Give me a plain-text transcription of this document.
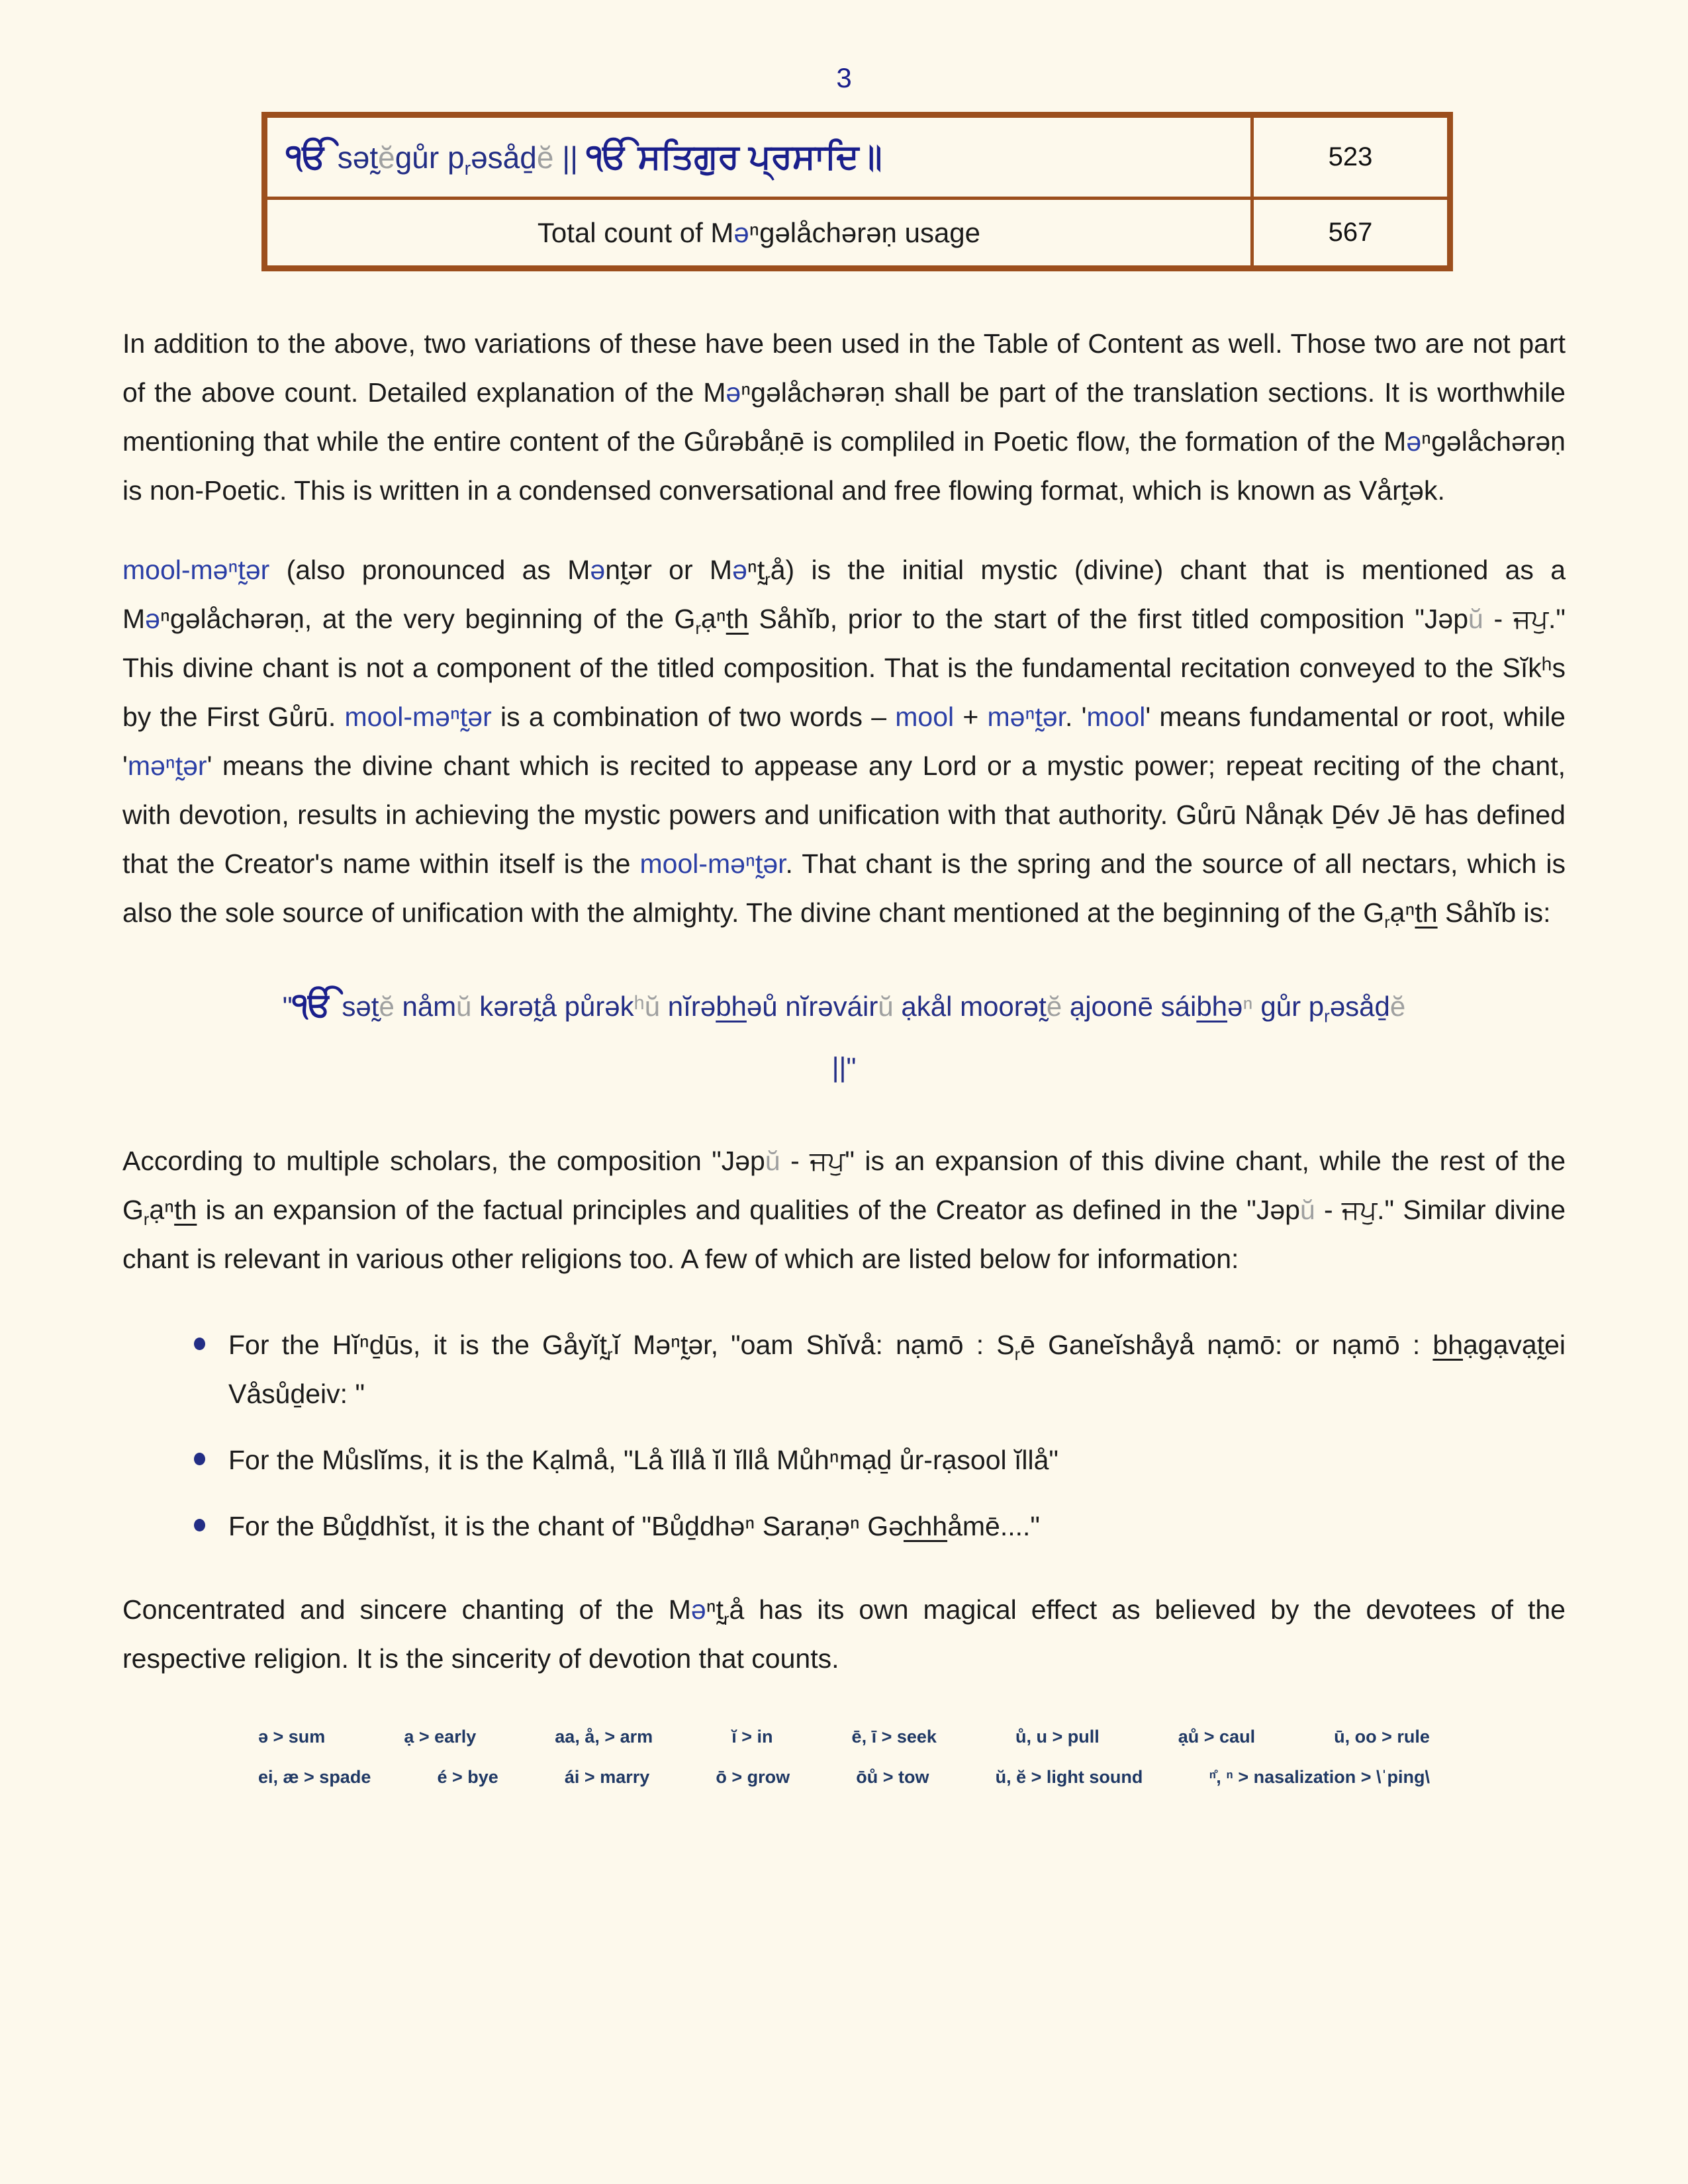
3
ੴ sət̰ĕgůr $p_rəsåḏĕ$ || ੴ ਸਤਿਗੁਰ ਪ੍ਰਸਾਦਿ॥	523
Total count of Məⁿgəlåchərəṇ usage	567

In addition to the above, two variations of these have been used in the Table of Content as well. Those two are not part of the above count. Detailed explanation of the Məⁿgəlåchərəṇ shall be part of the translation sections. It is worthwhile mentioning that while the entire content of the Gůrəbåṇē is compliled in Poetic flow, the formation of the Məⁿgəlåchərəṇ is non-Poetic. This is written in a condensed conversational and free flowing format, which is known as Vårt̰ək.

mool-məⁿt̰ər (also pronounced as Mənt̰ər or $Mə^nt̰_rå$) is the initial mystic (divine) chant that is mentioned as a Məⁿgəlåchərəṇ, at the very beginning of the $G_rạ^nth$ Såhĭb, prior to the start of the first titled composition "Jəpŭ - ਜਪੁ." This divine chant is not a component of the titled composition. That is the fundamental recitation conveyed to the Sĭkʰs by the First Gůrū. mool-məⁿt̰ər is a combination of two words – mool + məⁿt̰ər. 'mool' means fundamental or root, while 'məⁿt̰ər' means the divine chant which is recited to appease any Lord or a mystic power; repeat reciting of the chant, with devotion, results in achieving the mystic powers and unification with that authority. Gůrū Nånạk Ḏév Jē has defined that the Creator's name within itself is the mool-məⁿt̰ər. That chant is the spring and the source of all nectars, which is also the sole source of unification with the almighty. The divine chant mentioned at the beginning of the $G_rạ^nth$ Såhĭb is:

"ੴ sət̰ĕ nåmŭ kərət̰å půrəkʰŭ nĭrəbhəů nĭrəváirŭ ạkål moorət̰ĕ ạjoonē sáibhəⁿ gůr $p_rəsåḏĕ$
||"

According to multiple scholars, the composition "Jəpŭ - ਜਪੁ" is an expansion of this divine chant, while the rest of the $G_rạ^nth$ is an expansion of the factual principles and qualities of the Creator as defined in the "Jəpŭ - ਜਪੁ." Similar divine chant is relevant in various other religions too. A few of which are listed below for information:

For the Hĭⁿḏūs, it is the $Gåyĭt̰_rĭ$ Məⁿt̰ər, "oam Shĭvå: nạmō : $S_rē$ Ganeĭshåyå nạmō: or nạmō : bhạgạvạt̰ei Våsůḏeiv: "
For the Můslĭms, it is the Kạlmå, "Lå ĭllå ĭl ĭllå Můhⁿmạḏ ůr-rạsool ĭllå"
For the Bůḏdhĭst, it is the chant of "Bůḏdhəⁿ Saraṇəⁿ Gəchhåmē...."

Concentrated and sincere chanting of the $Mə^nt̰_rå$ has its own magical effect as believed by the devotees of the respective religion. It is the sincerity of devotion that counts.

ə > sum	ạ > early	aa, å, > arm	ĭ > in	ē, ī > seek	ů, u > pull	ạů > caul	ū, oo > rule
ei, æ > spade	é > bye	ái > marry	ō > grow	ōů > tow	ŭ, ĕ > light sound	ⁿ̊, ⁿ > nasalization > \ˈping\
